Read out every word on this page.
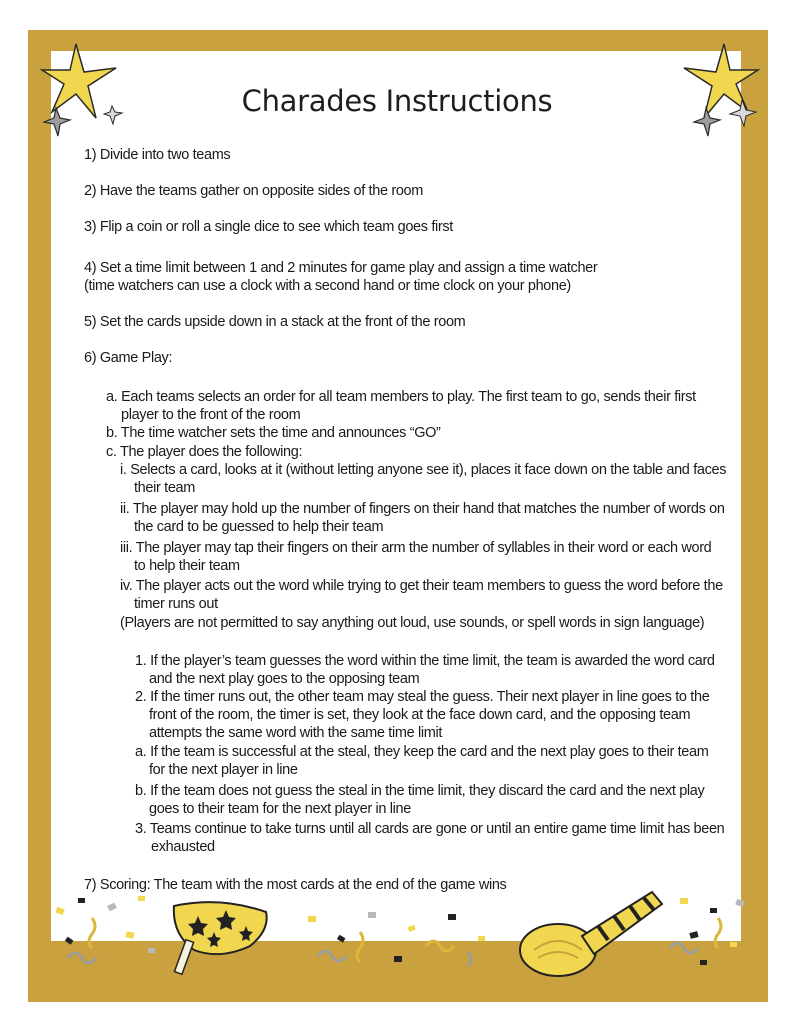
Charades Instructions
1) Divide into two teams
2) Have the teams gather on opposite sides of the room
3) Flip a coin or roll a single dice to see which team goes first
4) Set a time limit between 1 and 2 minutes for game play and assign a time watcher
(time watchers can use a clock with a second hand or time clock on your phone)
5) Set the cards upside down in a stack at the front of the room
6) Game Play:
a. Each teams selects an order for all team members to play. The first team to go, sends their first
player to the front of the room
b. The time watcher sets the time and announces “GO”
c. The player does the following:
i. Selects a card, looks at it (without letting anyone see it), places it face down on the table and faces
their team
ii. The player may hold up the number of fingers on their hand that matches the number of words on
the card to be guessed to help their team
iii. The player may tap their fingers on their arm the number of syllables in their word or each word
to help their team
iv. The player acts out the word while trying to get their team members to guess the word before the
timer runs out
(Players are not permitted to say anything out loud, use sounds, or spell words in sign language)
1. If the player’s team guesses the word within the time limit, the team is awarded the word card
and the next play goes to the opposing team
2. If the timer runs out, the other team may steal the guess. Their next player in line goes to the
front of the room, the timer is set, they look at the face down card, and the opposing team
attempts the same word with the same time limit
a. If the team is successful at the steal, they keep the card and the next play goes to their team
for the next player in line
b. If the team does not guess the steal in the time limit, they discard the card and the next play
goes to their team for the next player in line
3. Teams continue to take turns until all cards are gone or until an entire game time limit has been
exhausted
7) Scoring: The team with the most cards at the end of the game wins
